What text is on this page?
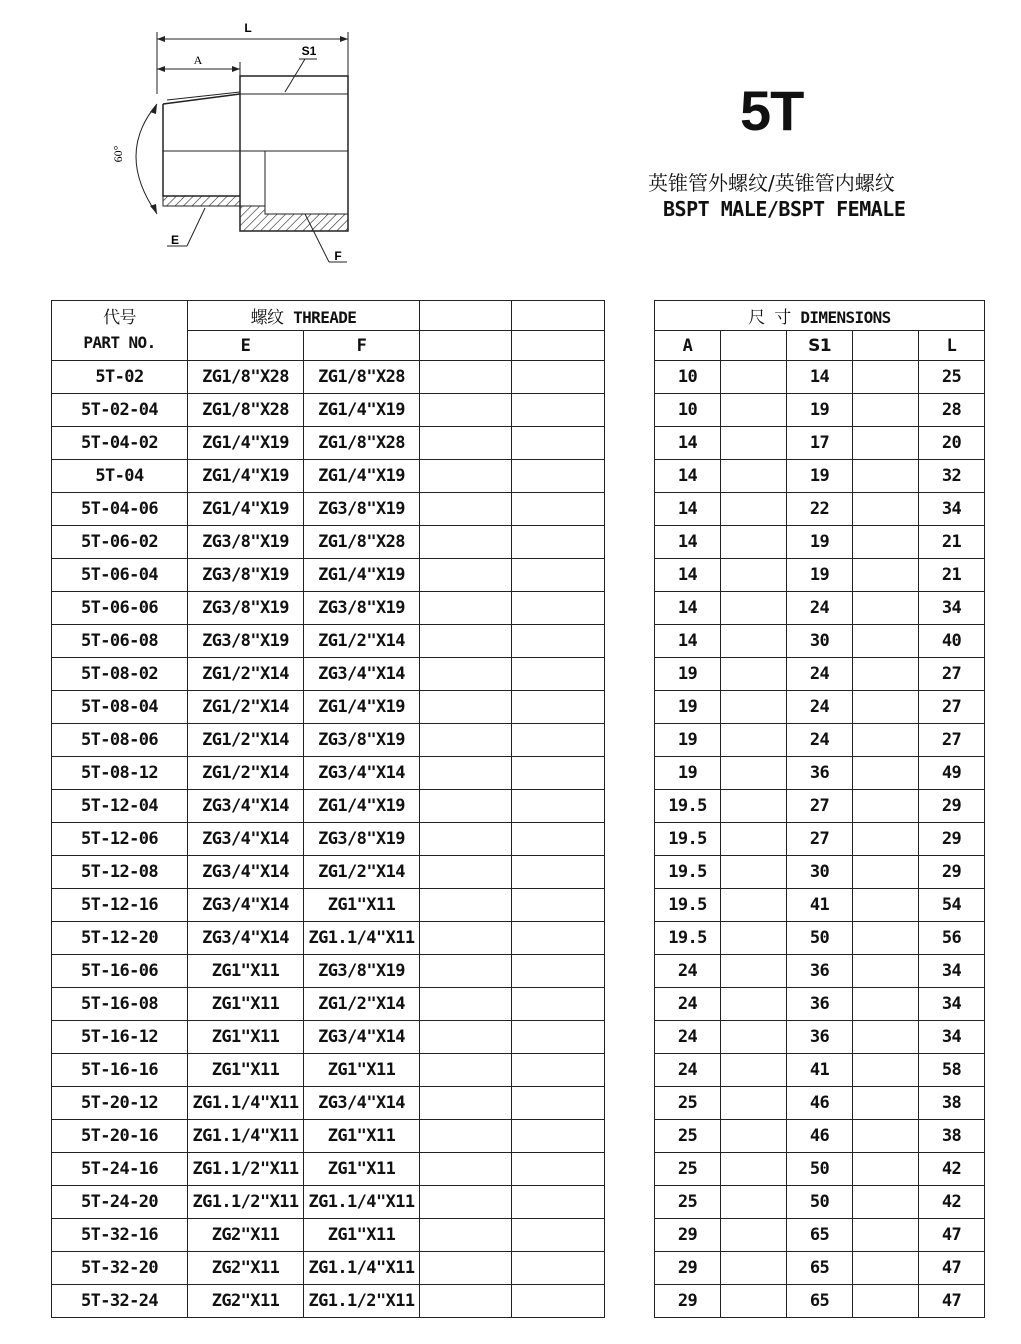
L
A
S1
60°
E
F
5T
英锥管外螺纹/英锥管内螺纹
BSPT MALE/BSPT FEMALE
代号
PART NO.	螺纹 THREADE					尺  寸 DIMENSIONS				
	E	F				A		S1		L
5T-02	ZG1/8"X28	ZG1/8"X28				10		14		25
5T-02-04	ZG1/8"X28	ZG1/4"X19				10		19		28
5T-04-02	ZG1/4"X19	ZG1/8"X28				14		17		20
5T-04	ZG1/4"X19	ZG1/4"X19				14		19		32
5T-04-06	ZG1/4"X19	ZG3/8"X19				14		22		34
5T-06-02	ZG3/8"X19	ZG1/8"X28				14		19		21
5T-06-04	ZG3/8"X19	ZG1/4"X19				14		19		21
5T-06-06	ZG3/8"X19	ZG3/8"X19				14		24		34
5T-06-08	ZG3/8"X19	ZG1/2"X14				14		30		40
5T-08-02	ZG1/2"X14	ZG3/4"X14				19		24		27
5T-08-04	ZG1/2"X14	ZG1/4"X19				19		24		27
5T-08-06	ZG1/2"X14	ZG3/8"X19				19		24		27
5T-08-12	ZG1/2"X14	ZG3/4"X14				19		36		49
5T-12-04	ZG3/4"X14	ZG1/4"X19				19.5		27		29
5T-12-06	ZG3/4"X14	ZG3/8"X19				19.5		27		29
5T-12-08	ZG3/4"X14	ZG1/2"X14				19.5		30		29
5T-12-16	ZG3/4"X14	ZG1"X11				19.5		41		54
5T-12-20	ZG3/4"X14	ZG1.1/4"X11				19.5		50		56
5T-16-06	ZG1"X11	ZG3/8"X19				24		36		34
5T-16-08	ZG1"X11	ZG1/2"X14				24		36		34
5T-16-12	ZG1"X11	ZG3/4"X14				24		36		34
5T-16-16	ZG1"X11	ZG1"X11				24		41		58
5T-20-12	ZG1.1/4"X11	ZG3/4"X14				25		46		38
5T-20-16	ZG1.1/4"X11	ZG1"X11				25		46		38
5T-24-16	ZG1.1/2"X11	ZG1"X11				25		50		42
5T-24-20	ZG1.1/2"X11	ZG1.1/4"X11				25		50		42
5T-32-16	ZG2"X11	ZG1"X11				29		65		47
5T-32-20	ZG2"X11	ZG1.1/4"X11				29		65		47
5T-32-24	ZG2"X11	ZG1.1/2"X11				29		65		47
